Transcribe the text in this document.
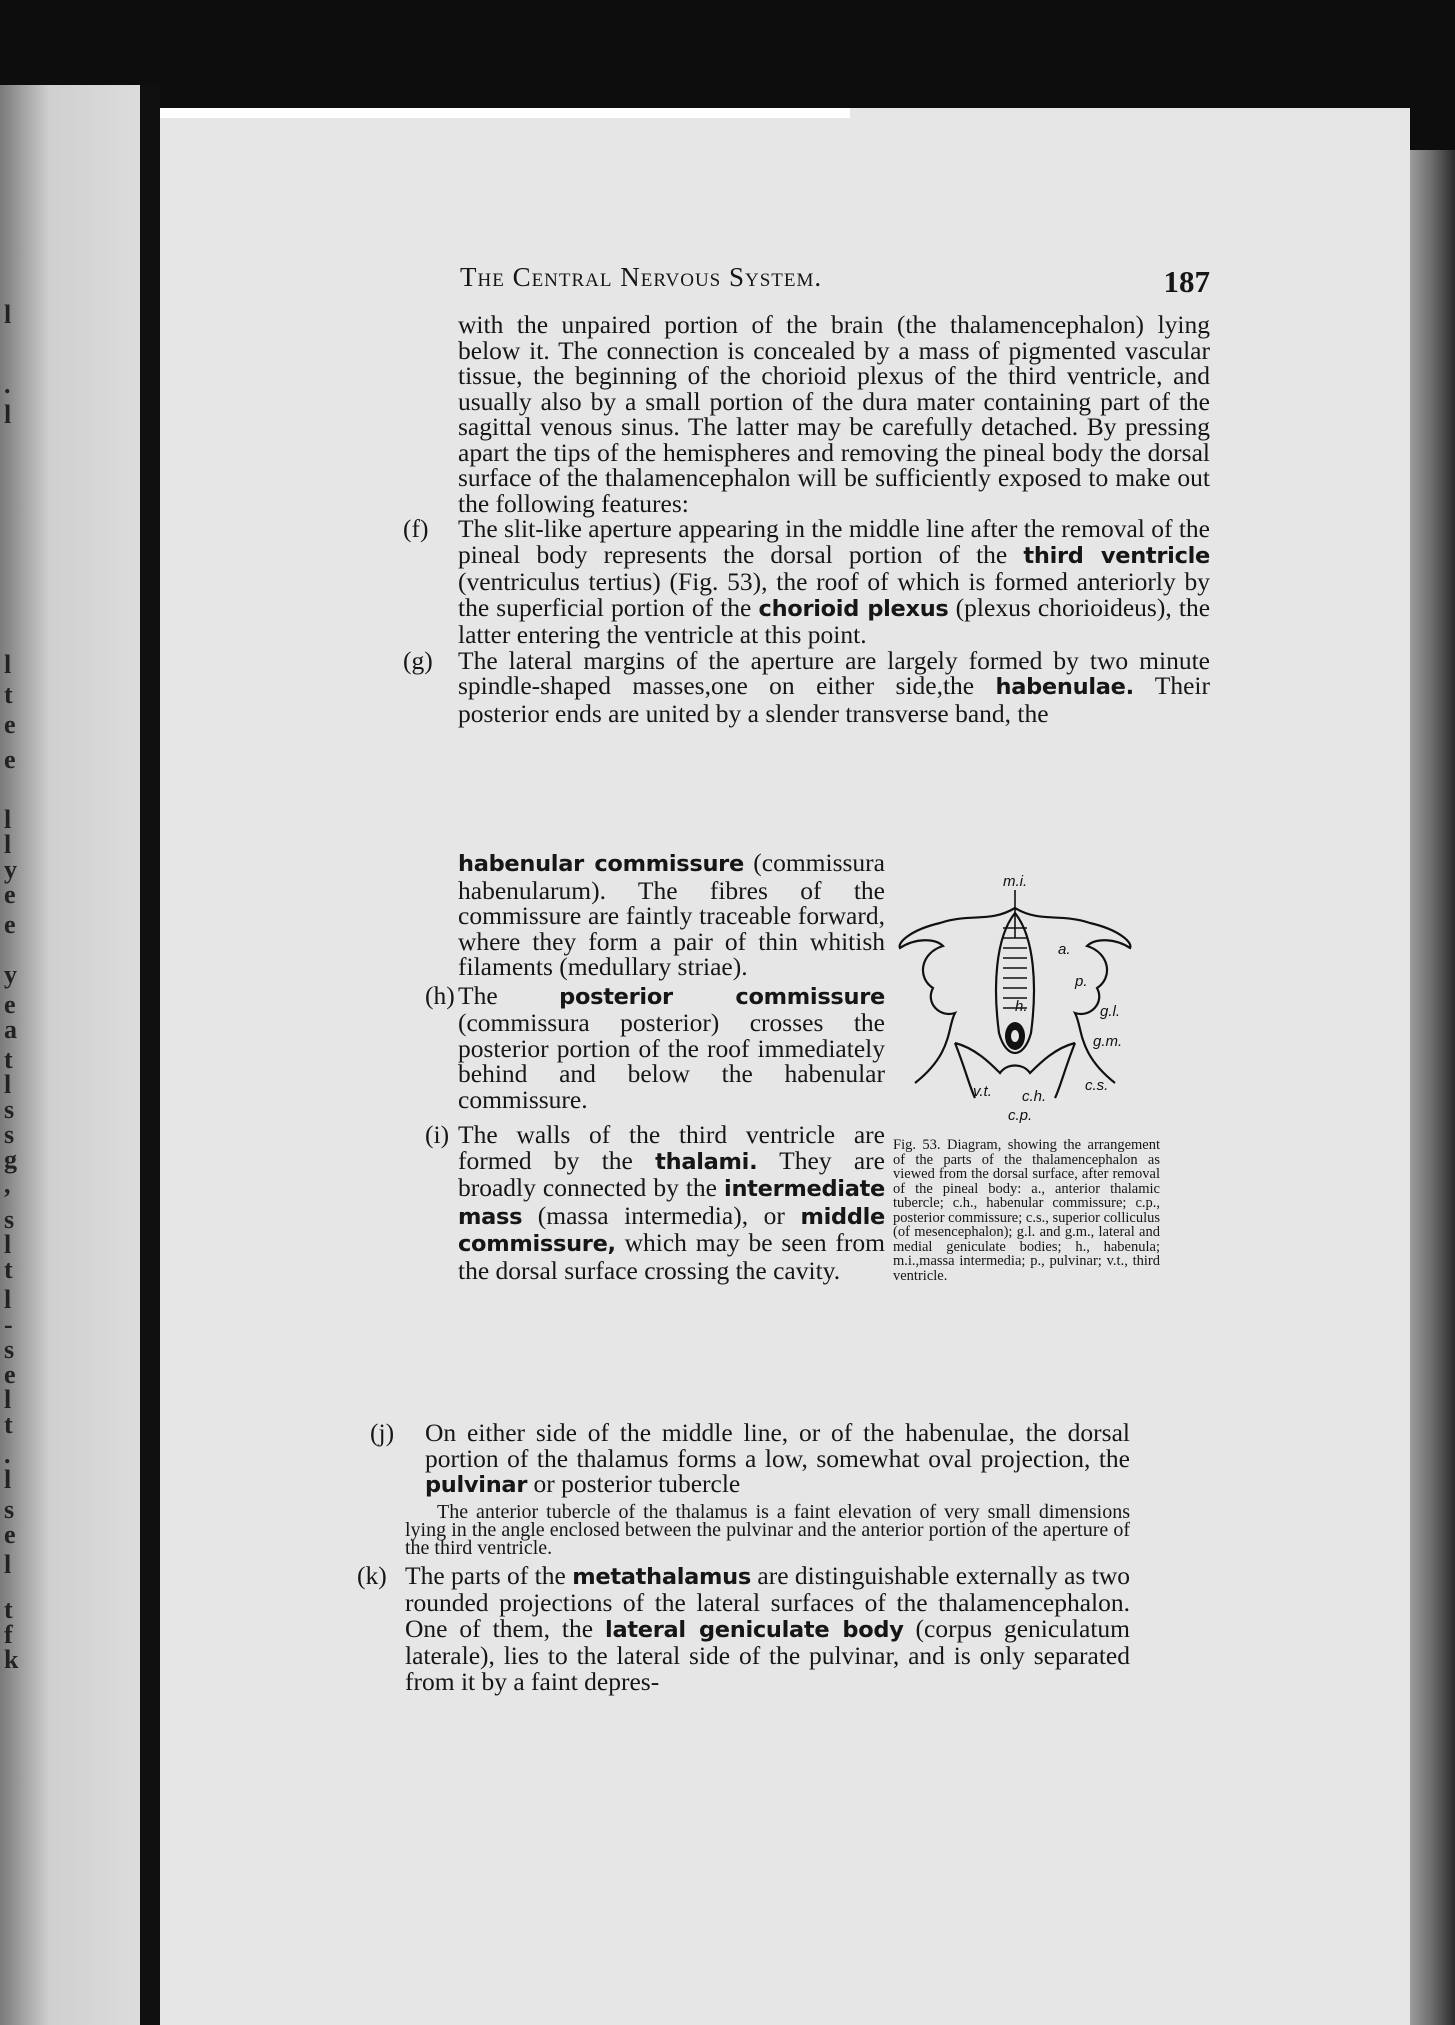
l
.
l
l
t
e
e
l
l
y
e
e
y
e
a
t
l
s
s
g
,
s
l
t
l
-
s
e
l
t
.
l
s
e
l
t
f
k
The Central Nervous System.	187

with the unpaired portion of the brain (the thalamencephalon) lying below it. The connection is concealed by a mass of pigmented vascular tissue, the beginning of the chorioid plexus of the third ventricle, and usually also by a small portion of the dura mater containing part of the sagittal venous sinus. The latter may be carefully detached. By pressing apart the tips of the hemispheres and removing the pineal body the dorsal surface of the thalamencephalon will be sufficiently exposed to make out the following features:

(f) The slit-like aperture appearing in the middle line after the removal of the pineal body represents the dorsal portion of the third ventricle (ventriculus tertius) (Fig. 53), the roof of which is formed anteriorly by the superficial portion of the chorioid plexus (plexus chorioideus), the latter entering the ventricle at this point.

(g) The lateral margins of the aperture are largely formed by two minute spindle-shaped masses,one on either side,the habenulae. Their posterior ends are united by a slender transverse band, the

habenular commissure (commissura habenularum). The fibres of the commissure are faintly traceable forward, where they form a pair of thin whitish filaments (medullary striae).

(h) The posterior commissure (commissura posterior) crosses the posterior portion of the roof immediately behind and below the habenular commissure.

(i) The walls of the third ventricle are formed by the thalami. They are broadly connected by the intermediate mass (massa intermedia), or middle commissure, which may be seen from the dorsal surface crossing the cavity.

m.i.
a.
p.
h.	g.l.
g.m.
c.s.
v.t. c.h.
c.p.
Fig. 53. Diagram, showing the arrangement of the parts of the thalamencephalon as viewed from the dorsal surface, after removal of the pineal body: a., anterior thalamic tubercle; c.h., habenular commissure; c.p., posterior commissure; c.s., superior colliculus (of mesencephalon); g.l. and g.m., lateral and medial geniculate bodies; h., habenula; m.i.,massa intermedia; p., pulvinar; v.t., third ventricle.

(j) On either side of the middle line, or of the habenulae, the dorsal portion of the thalamus forms a low, somewhat oval projection, the pulvinar or posterior tubercle

The anterior tubercle of the thalamus is a faint elevation of very small dimensions lying in the angle enclosed between the pulvinar and the anterior portion of the aperture of the third ventricle.

(k) The parts of the metathalamus are distinguishable externally as two rounded projections of the lateral surfaces of the thalamencephalon. One of them, the lateral geniculate body (corpus geniculatum laterale), lies to the lateral side of the pulvinar, and is only separated from it by a faint depres-
